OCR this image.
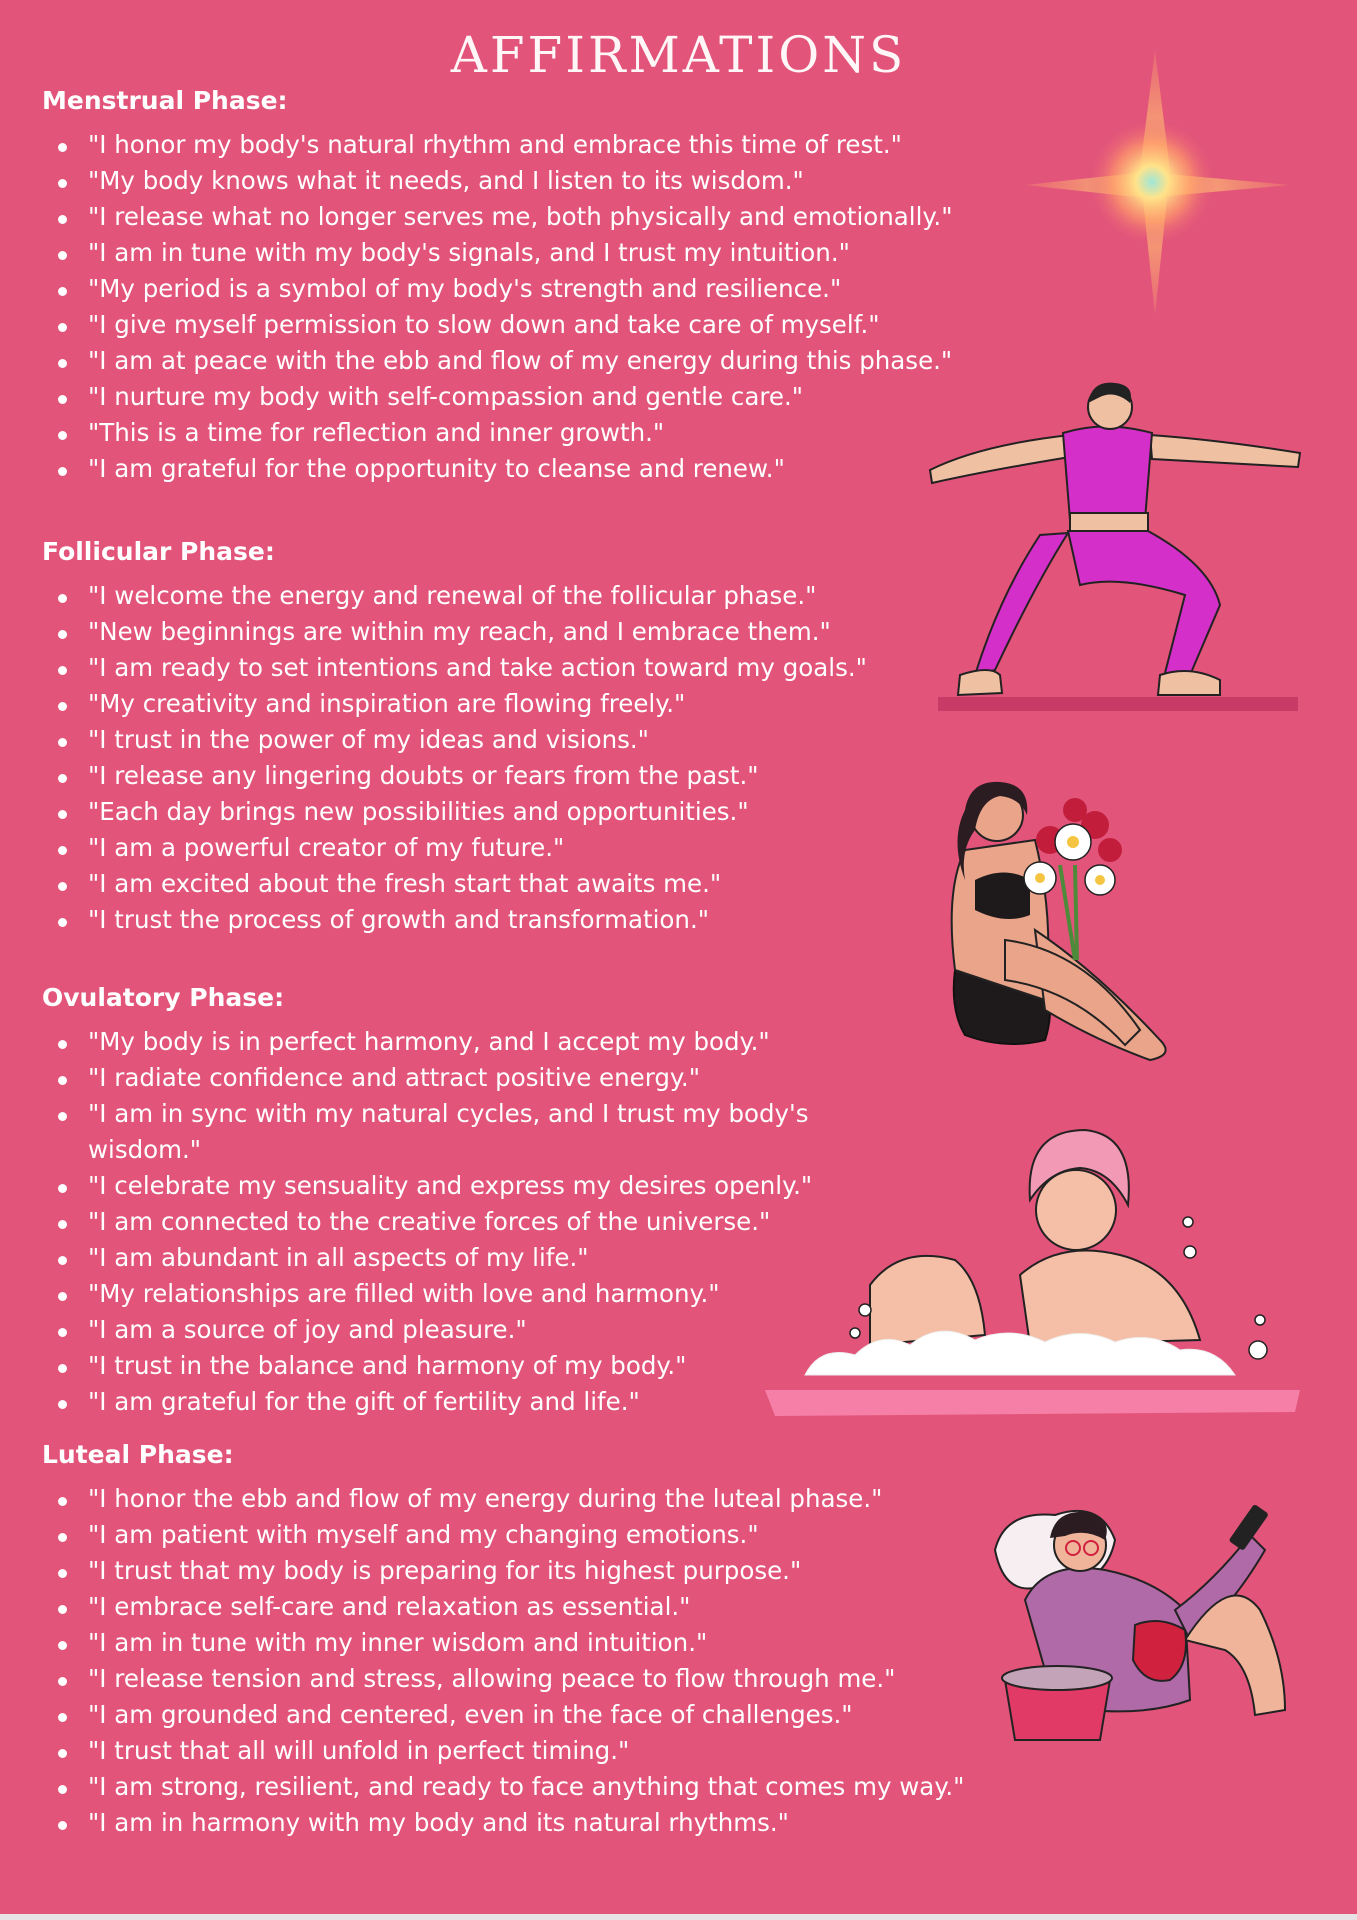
AFFIRMATIONS
Menstrual Phase:
"I honor my body's natural rhythm and embrace this time of rest."
"My body knows what it needs, and I listen to its wisdom."
"I release what no longer serves me, both physically and emotionally."
"I am in tune with my body's signals, and I trust my intuition."
"My period is a symbol of my body's strength and resilience."
"I give myself permission to slow down and take care of myself."
"I am at peace with the ebb and flow of my energy during this phase."
"I nurture my body with self-compassion and gentle care."
"This is a time for reflection and inner growth."
"I am grateful for the opportunity to cleanse and renew."
Follicular Phase:
"I welcome the energy and renewal of the follicular phase."
"New beginnings are within my reach, and I embrace them."
"I am ready to set intentions and take action toward my goals."
"My creativity and inspiration are flowing freely."
"I trust in the power of my ideas and visions."
"I release any lingering doubts or fears from the past."
"Each day brings new possibilities and opportunities."
"I am a powerful creator of my future."
"I am excited about the fresh start that awaits me."
"I trust the process of growth and transformation."
Ovulatory Phase:
"My body is in perfect harmony, and I accept my body."
"I radiate confidence and attract positive energy."
"I am in sync with my natural cycles, and I trust my body's wisdom."
"I celebrate my sensuality and express my desires openly."
"I am connected to the creative forces of the universe."
"I am abundant in all aspects of my life."
"My relationships are filled with love and harmony."
"I am a source of joy and pleasure."
"I trust in the balance and harmony of my body."
"I am grateful for the gift of fertility and life."
Luteal Phase:
"I honor the ebb and flow of my energy during the luteal phase."
"I am patient with myself and my changing emotions."
"I trust that my body is preparing for its highest purpose."
"I embrace self-care and relaxation as essential."
"I am in tune with my inner wisdom and intuition."
"I release tension and stress, allowing peace to flow through me."
"I am grounded and centered, even in the face of challenges."
"I trust that all will unfold in perfect timing."
"I am strong, resilient, and ready to face anything that comes my way."
"I am in harmony with my body and its natural rhythms."
